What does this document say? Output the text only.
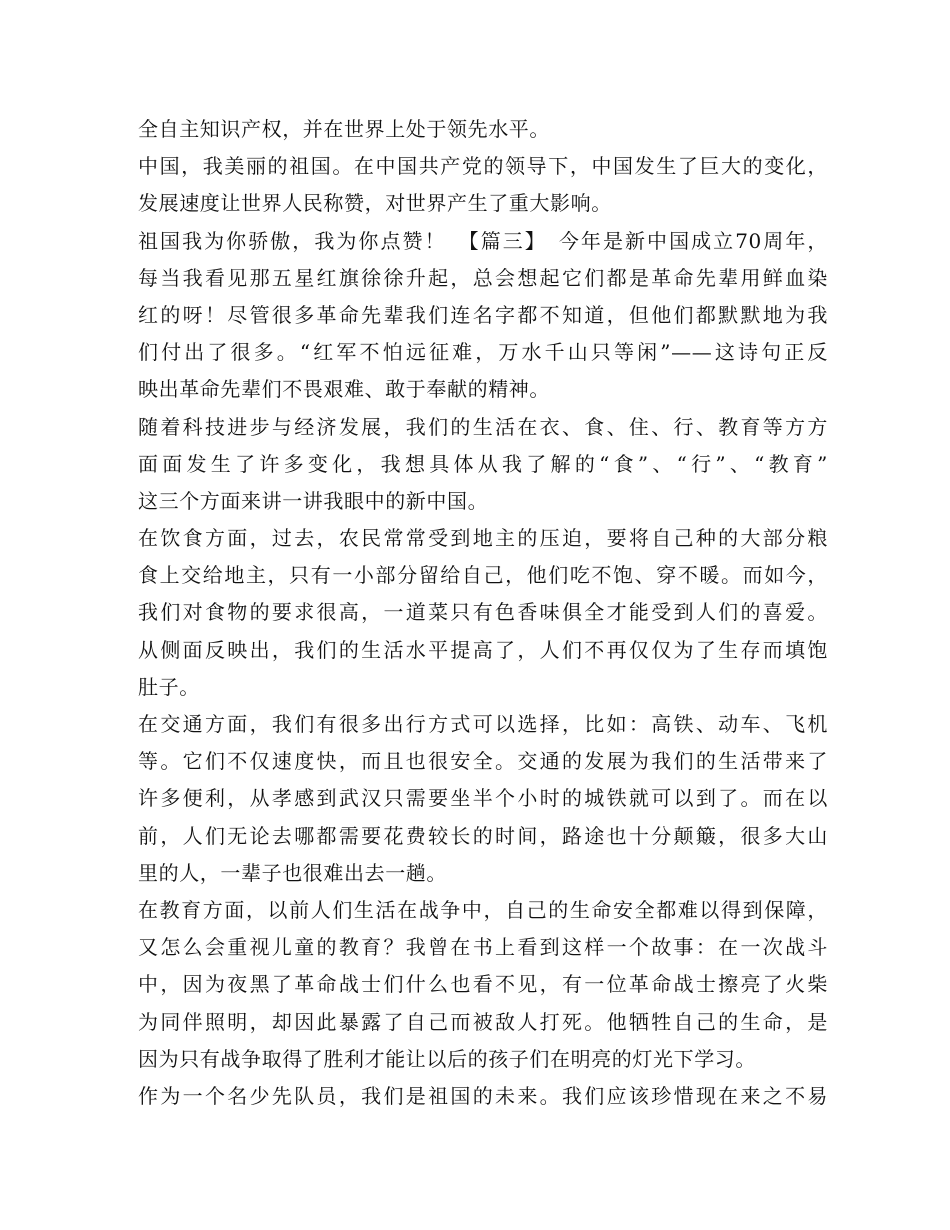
全自主知识产权，并在世界上处于领先水平。
中国，我美丽的祖国。在中国共产党的领导下，中国发生了巨大的变化，
发展速度让世界人民称赞，对世界产生了重大影响。
祖国我为你骄傲，我为你点赞！　【篇三】　今年是新中国成立70周年，
每当我看见那五星红旗徐徐升起，总会想起它们都是革命先辈用鲜血染
红的呀！尽管很多革命先辈我们连名字都不知道，但他们都默默地为我
们付出了很多。“红军不怕远征难，万水千山只等闲”——这诗句正反
映出革命先辈们不畏艰难、敢于奉献的精神。
随着科技进步与经济发展，我们的生活在衣、食、住、行、教育等方方
面面发生了许多变化，我想具体从我了解的“食”、“行”、“教育”
这三个方面来讲一讲我眼中的新中国。
在饮食方面，过去，农民常常受到地主的压迫，要将自己种的大部分粮
食上交给地主，只有一小部分留给自己，他们吃不饱、穿不暖。而如今，
我们对食物的要求很高，一道菜只有色香味俱全才能受到人们的喜爱。
从侧面反映出，我们的生活水平提高了，人们不再仅仅为了生存而填饱
肚子。
在交通方面，我们有很多出行方式可以选择，比如：高铁、动车、飞机
等。它们不仅速度快，而且也很安全。交通的发展为我们的生活带来了
许多便利，从孝感到武汉只需要坐半个小时的城铁就可以到了。而在以
前，人们无论去哪都需要花费较长的时间，路途也十分颠簸，很多大山
里的人，一辈子也很难出去一趟。
在教育方面，以前人们生活在战争中，自己的生命安全都难以得到保障，
又怎么会重视儿童的教育？我曾在书上看到这样一个故事：在一次战斗
中，因为夜黑了革命战士们什么也看不见，有一位革命战士擦亮了火柴
为同伴照明，却因此暴露了自己而被敌人打死。他牺牲自己的生命，是
因为只有战争取得了胜利才能让以后的孩子们在明亮的灯光下学习。
作为一个名少先队员，我们是祖国的未来。我们应该珍惜现在来之不易
